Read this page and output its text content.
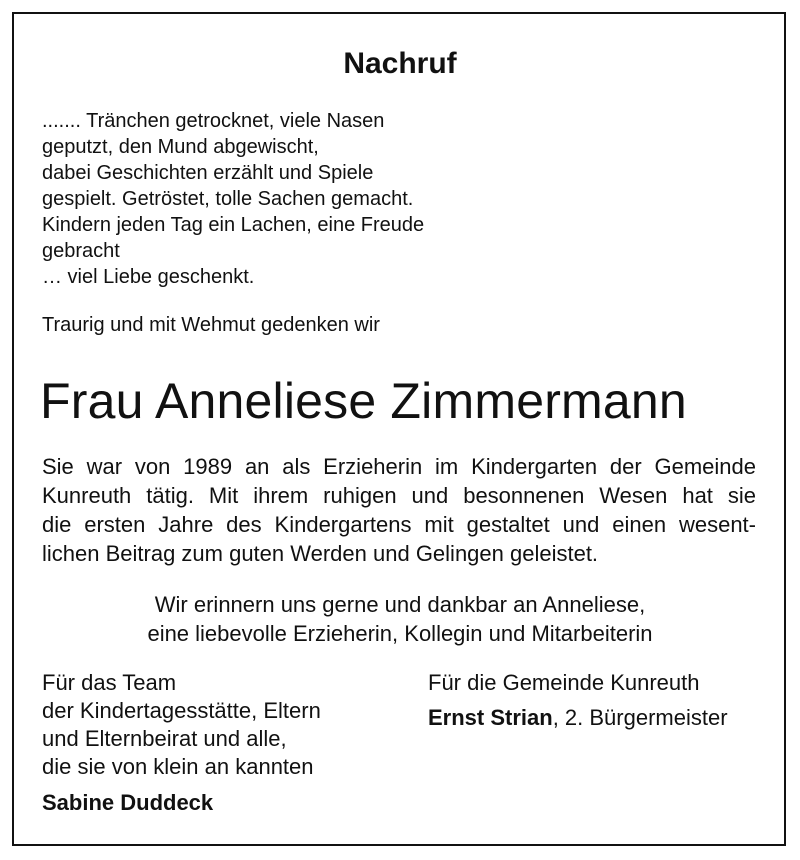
Nachruf
....... Tränchen getrocknet, viele Nasen
geputzt, den Mund abgewischt,
dabei Geschichten erzählt und Spiele
gespielt. Getröstet, tolle Sachen gemacht.
Kindern jeden Tag ein Lachen, eine Freude
gebracht
… viel Liebe geschenkt.
Traurig und mit Wehmut gedenken wir
Frau Anneliese Zimmermann
Sie war von 1989 an als Erzieherin im Kindergarten der Gemeinde
Kunreuth tätig. Mit ihrem ruhigen und besonnenen Wesen hat sie
die ersten Jahre des Kindergartens mit gestaltet und einen wesent-
lichen Beitrag zum guten Werden und Gelingen geleistet.
Wir erinnern uns gerne und dankbar an Anneliese,
eine liebevolle Erzieherin, Kollegin und Mitarbeiterin
Für das Team
der Kindertagesstätte, Eltern
und Elternbeirat und alle,
die sie von klein an kannten
Sabine Duddeck
Für die Gemeinde Kunreuth
Ernst Strian, 2. Bürgermeister
